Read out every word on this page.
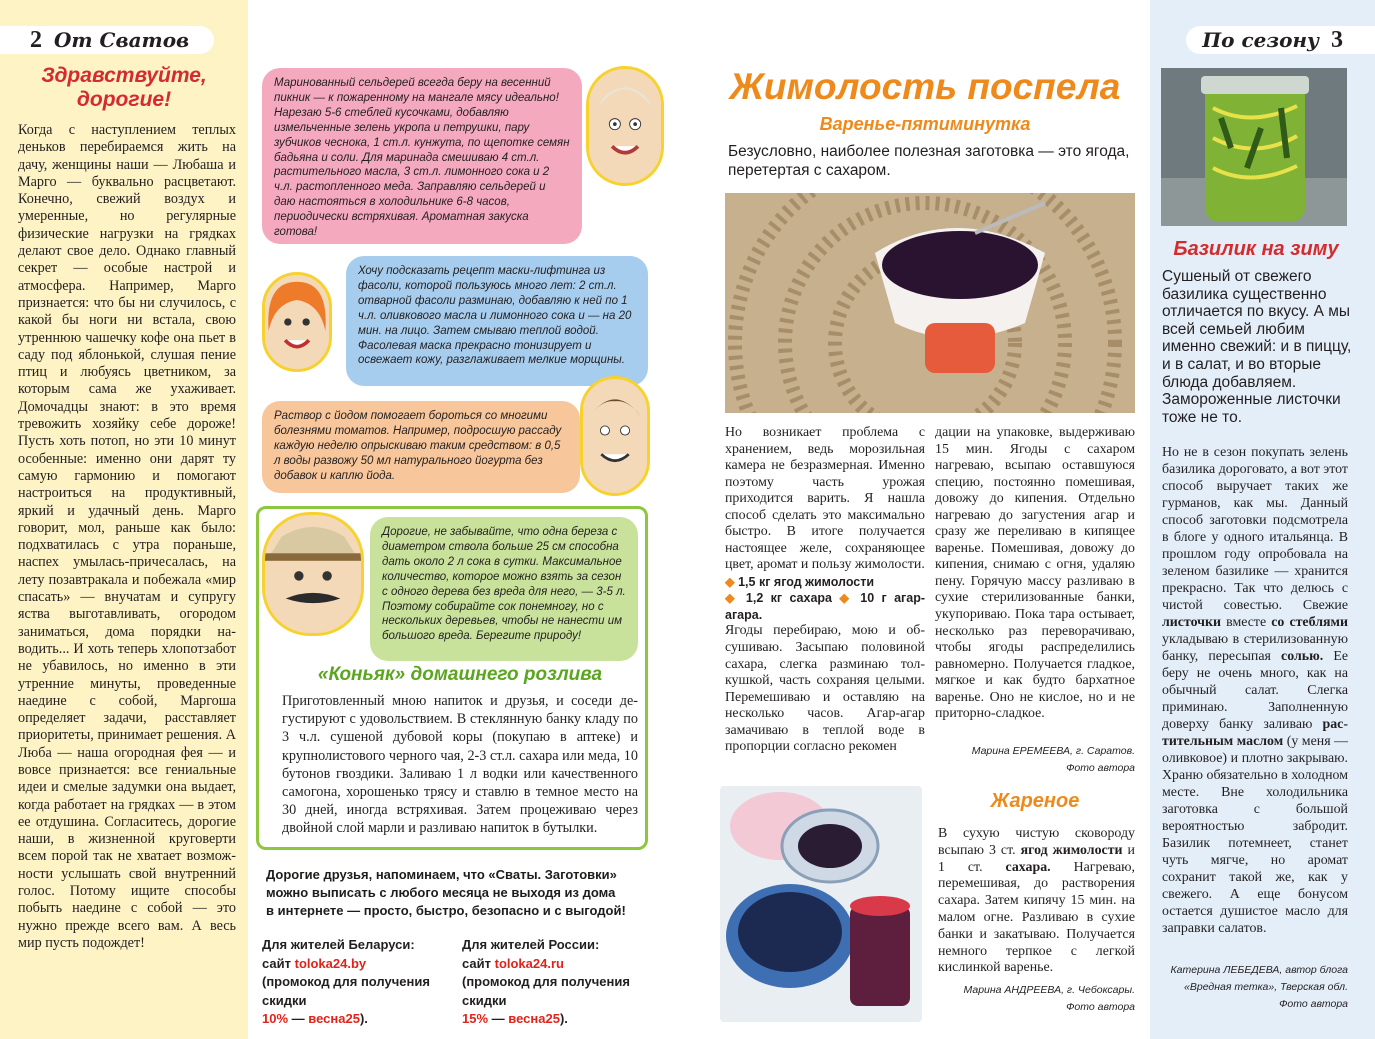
2 От Сватов
Здравствуйте, дорогие!

Когда с наступлением теплых деньков перебираемся жить на дачу, женщины наши — Любаша и Марго — буквально расцветают. Конечно, свежий воздух и умеренные, но регулярные физические нагрузки на грядках делают свое дело. Однако главный секрет — особые настрой и атмосфера. Например, Марго признается: что бы ни случилось, с какой бы ноги ни встала, свою утреннюю чашечку кофе она пьет в саду под яблонькой, слушая пение птиц и любуясь цветником, за которым сама же ухаживает. Домочадцы знают: в это время тревожить хозяйку себе дороже! Пусть хоть потоп, но эти 10 минут особенные: именно они дарят ту самую гармонию и помогают настроиться на продуктивный, яркий и удачный день. Марго говорит, мол, раньше как было: подхватилась с утра пораньше, наспех умылась-причесалась, на лету позавтракала и побежала «мир спасать» — внучатам и супругу яства выготавливать, огородом заниматься, дома порядки наводить... И хоть теперь хлопотзабот не убавилось, но именно в эти утренние минуты, проведенные наедине с собой, Маргоша определяет задачи, расставляет приоритеты, принимает решения. А Люба — наша огородная фея — и вовсе признается: все гениальные идеи и смелые задумки она выдает, когда работает на грядках — в этом ее отдушина. Согласитесь, дорогие наши, в жизненной круговерти всем порой так не хватает возможности услышать свой внутренний голос. Потому ищите способы побыть наедине с собой — это нужно прежде всего вам. А весь мир пусть подождет!

Маринованный сельдерей всегда беру на весенний пикник — к пожаренному на мангале мясу идеально! Нарезаю 5-6 стеблей кусочками, добавляю измельченные зелень укропа и петрушки, пару зубчиков чеснока, 1 ст.л. кунжута, по щепотке семян бадьяна и соли. Для маринада смешиваю 4 ст.л. растительного масла, 3 ст.л. лимонного сока и 2 ч.л. растопленного меда. Заправляю сельдерей и даю настояться в холодильнике 6-8 часов, периодически встряхивая. Ароматная закуска готова!
Хочу подсказать рецепт маски-лифтинга из фасоли, которой пользуюсь много лет: 2 ст.л. отварной фасоли разминаю, добавляю к ней по 1 ч.л. оливкового масла и лимонного сока и — на 20 мин. на лицо. Затем смываю теплой водой. Фасолевая маска прекрасно тонизирует и освежает кожу, разглаживает мелкие морщины.
Раствор с йодом помогает бороться со многими болезнями томатов. Например, подросшую рассаду каждую неделю опрыскиваю таким средством: в 0,5 л воды развожу 50 мл натурального йогурта без добавок и каплю йода.
Дорогие, не забывайте, что одна береза с диаметром ствола больше 25 см способна дать около 2 л сока в сутки. Максимальное количество, которое можно взять за сезон с одного дерева без вреда для него, — 3-5 л. Поэтому собирайте сок понемногу, но с нескольких деревьев, чтобы не нанести им большого вреда. Берегите природу!
«Коньяк» домашнего розлива
Приготовленный мною напиток и друзья, и соседи дегустируют с удовольствием. В стеклянную банку кладу по 3 ч.л. сушеной дубовой коры (покупаю в аптеке) и крупнолистового черного чая, 2-3 ст.л. сахара или меда, 10 бутонов гвоздики. Заливаю 1 л водки или качественного самогона, хорошенько трясу и ставлю в темное место на 30 дней, иногда встряхивая. Затем процеживаю через двойной слой марли и разливаю напиток в бутылки.
Дорогие друзья, напоминаем, что «Сваты. Заготовки» можно выписать с любого месяца не выходя из дома
в интернете — просто, быстро, безопасно и с выгодой!
Для жителей Беларуси:
сайт toloka24.by
(промокод для получения скидки
10% — весна25).
Для жителей России:
сайт toloka24.ru
(промокод для получения скидки
15% — весна25).
Жимолость поспела
Варенье-пятиминутка
Безусловно, наиболее полезная заготовка — это ягода, перетертая с сахаром.

Но возникает проблема с хранением, ведь морозильная камера не безразмерная. Именно поэтому часть урожая приходится варить. Я нашла способ сделать это максимально быстро. В итоге получается настоящее желе, сохраняющее цвет, аромат и пользу жимолости.

◆ 1,5 кг ягод жимолости
◆ 1,2 кг сахара ◆ 10 г агар-агара.

Ягоды перебираю, мою и обсушиваю. Засыпаю половиной сахара, слегка разминаю толкушкой, часть сохраняя целыми. Перемешиваю и оставляю на несколько часов. Агар-агар замачиваю в теплой воде в пропорции согласно рекомен

дации на упаковке, выдерживаю 15 мин. Ягоды с сахаром нагреваю, всыпаю оставшуюся специю, постоянно помешивая, довожу до кипения. Отдельно нагреваю до загустения агар и сразу же переливаю в кипящее варенье. Помешивая, довожу до кипения, снимаю с огня, удаляю пену. Горячую массу разливаю в сухие стерилизованные банки, укупориваю. Пока тара остывает, несколько раз переворачиваю, чтобы ягоды распределились равномерно. Получается гладкое, мягкое и как будто бархатное варенье. Оно не кислое, но и не приторно-сладкое.
Марина ЕРЕМЕЕВА, г. Саратов.
Фото автора
Жареное
В сухую чистую сковороду всыпаю 3 ст. ягод жимолости и 1 ст. сахара. Нагреваю, перемешивая, до растворения сахара. Затем кипячу 15 мин. на малом огне. Разливаю в сухие банки и закатываю. Получается немного терпкое с легкой кислинкой варенье.
Марина АНДРЕЕВА, г. Чебоксары.
Фото автора
По сезону 3
Базилик на зиму
Сушеный от свежего базилика существенно отличается по вкусу. А мы всей семьей любим именно свежий: и в пиццу, и в салат, и во вторые блюда добавляем. Замороженные листочки тоже не то.
Но не в сезон покупать зелень базилика дороговато, а вот этот способ выручает таких же гурманов, как мы. Данный способ заготовки подсмотрела в блоге у одного итальянца. В прошлом году опробовала на зеленом базилике — хранится прекрасно. Так что делюсь с чистой совестью. Свежие листочки вместе со стеблями укладываю в стерилизованную банку, пересыпая солью. Ее беру не очень много, как на обычный салат. Слегка приминаю. Заполненную доверху банку заливаю растительным маслом (у меня — оливковое) и плотно закрываю. Храню обязательно в холодном месте. Вне холодильника заготовка с большой вероятностью забродит. Базилик потемнеет, станет чуть мягче, но аромат сохранит такой же, как у свежего. А еще бонусом остается душистое масло для заправки салатов.
Катерина ЛЕБЕДЕВА, автор блога «Вредная тетка», Тверская обл.
Фото автора
